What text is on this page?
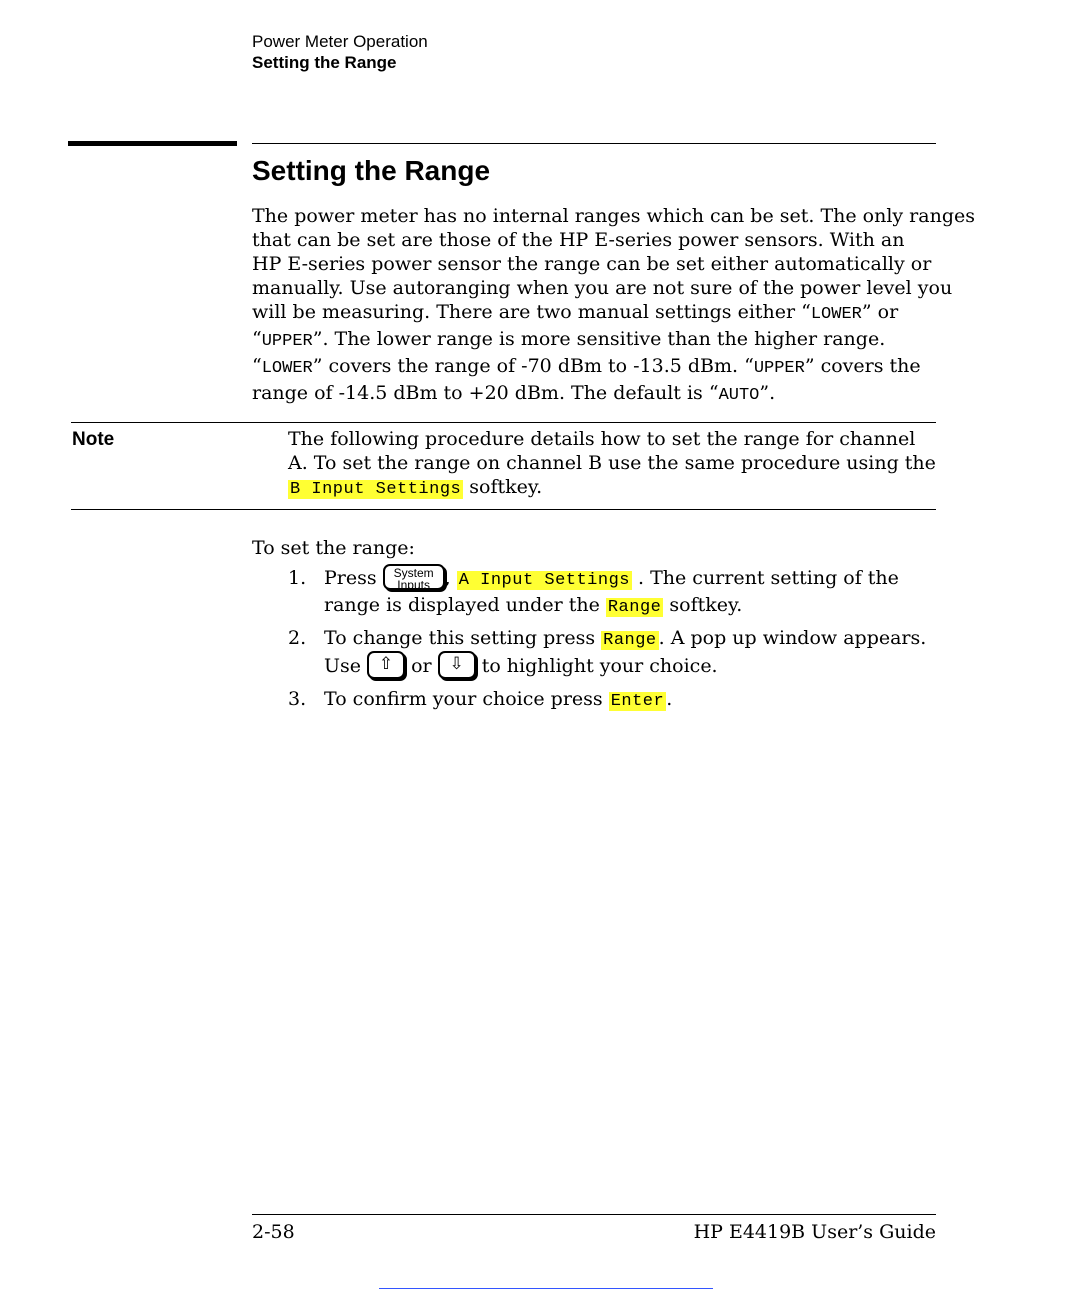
Power Meter Operation
Setting the Range
Setting the Range
The power meter has no internal ranges which can be set. The only ranges
that can be set are those of the HP E-series power sensors. With an
HP E-series power sensor the range can be set either automatically or
manually. Use autoranging when you are not sure of the power level you
will be measuring. There are two manual settings either “LOWER” or
“UPPER”. The lower range is more sensitive than the higher range.
“LOWER” covers the range of -70 dBm to -13.5 dBm. “UPPER” covers the
range of -14.5 dBm to +20 dBm. The default is “AUTO”.
Note	The following procedure details how to set the range for channel
A. To set the range on channel B use the same procedure using the
B Input Settings softkey.
To set the range:
1. Press System
Inputs , A Input Settings . The current setting of the
range is displayed under the Range softkey.
2. To change this setting press Range . A pop up window appears.
Use ⇧ or ⇩ to highlight your choice.
3. To confirm your choice press Enter .
2-58	HP E4419B User’s Guide
